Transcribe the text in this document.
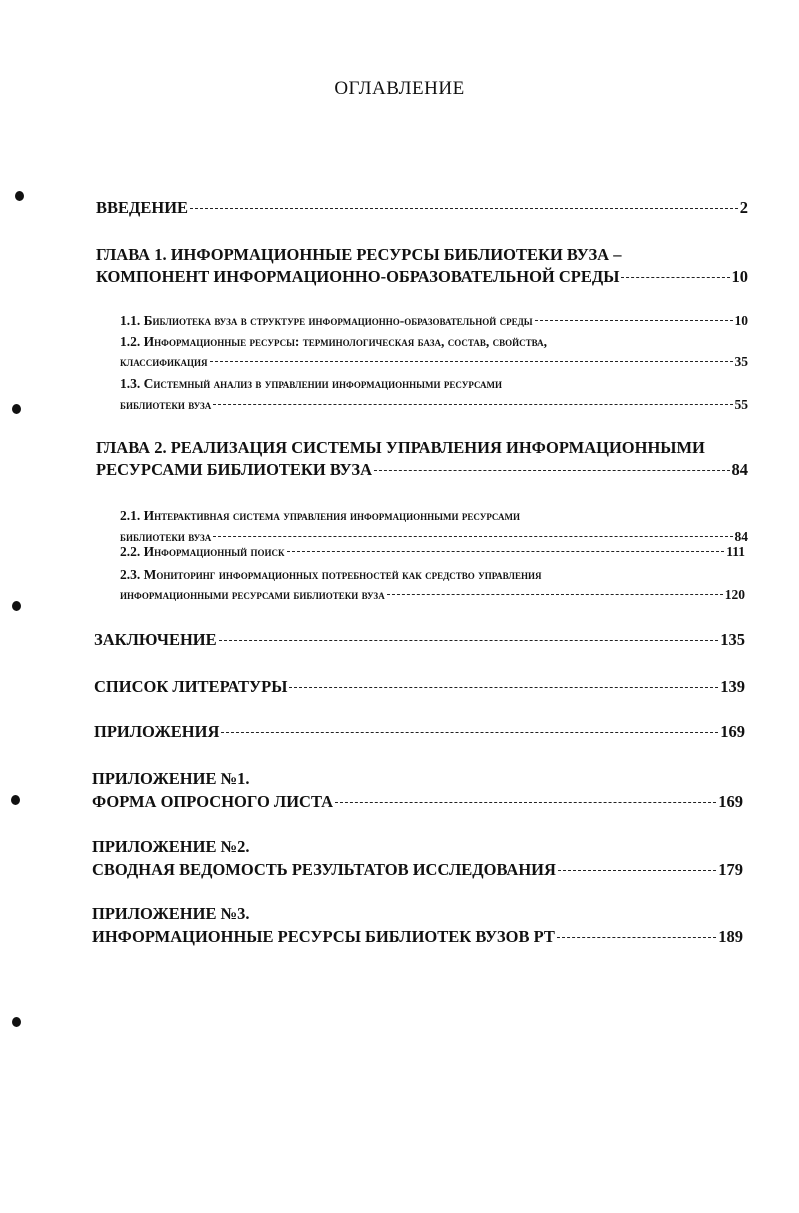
ОГЛАВЛЕНИЕ
ВВЕДЕНИЕ	2
ГЛАВА 1. ИНФОРМАЦИОННЫЕ РЕСУРСЫ БИБЛИОТЕКИ ВУЗА –
КОМПОНЕНТ ИНФОРМАЦИОННО-ОБРАЗОВАТЕЛЬНОЙ СРЕДЫ	10
1.1. Библиотека вуза в структуре информационно-образовательной среды	10
1.2. Информационные ресурсы: терминологическая база, состав, свойства,
классификация	35
1.3. Системный анализ в управлении информационными ресурсами
библиотеки вуза	55
ГЛАВА 2. РЕАЛИЗАЦИЯ СИСТЕМЫ УПРАВЛЕНИЯ ИНФОРМАЦИОННЫМИ
РЕСУРСАМИ БИБЛИОТЕКИ ВУЗА	84
2.1. Интерактивная система управления информационными ресурсами
библиотеки вуза	84
2.2. Информационный поиск	111
2.3. Мониторинг информационных потребностей как средство управления
информационными ресурсами библиотеки вуза	120
ЗАКЛЮЧЕНИЕ	135
СПИСОК ЛИТЕРАТУРЫ	139
ПРИЛОЖЕНИЯ	169
ПРИЛОЖЕНИЕ №1.
ФОРМА ОПРОСНОГО ЛИСТА	169
ПРИЛОЖЕНИЕ №2.
СВОДНАЯ ВЕДОМОСТЬ РЕЗУЛЬТАТОВ ИССЛЕДОВАНИЯ	179
ПРИЛОЖЕНИЕ №3.
ИНФОРМАЦИОННЫЕ РЕСУРСЫ БИБЛИОТЕК ВУЗОВ РТ	189
